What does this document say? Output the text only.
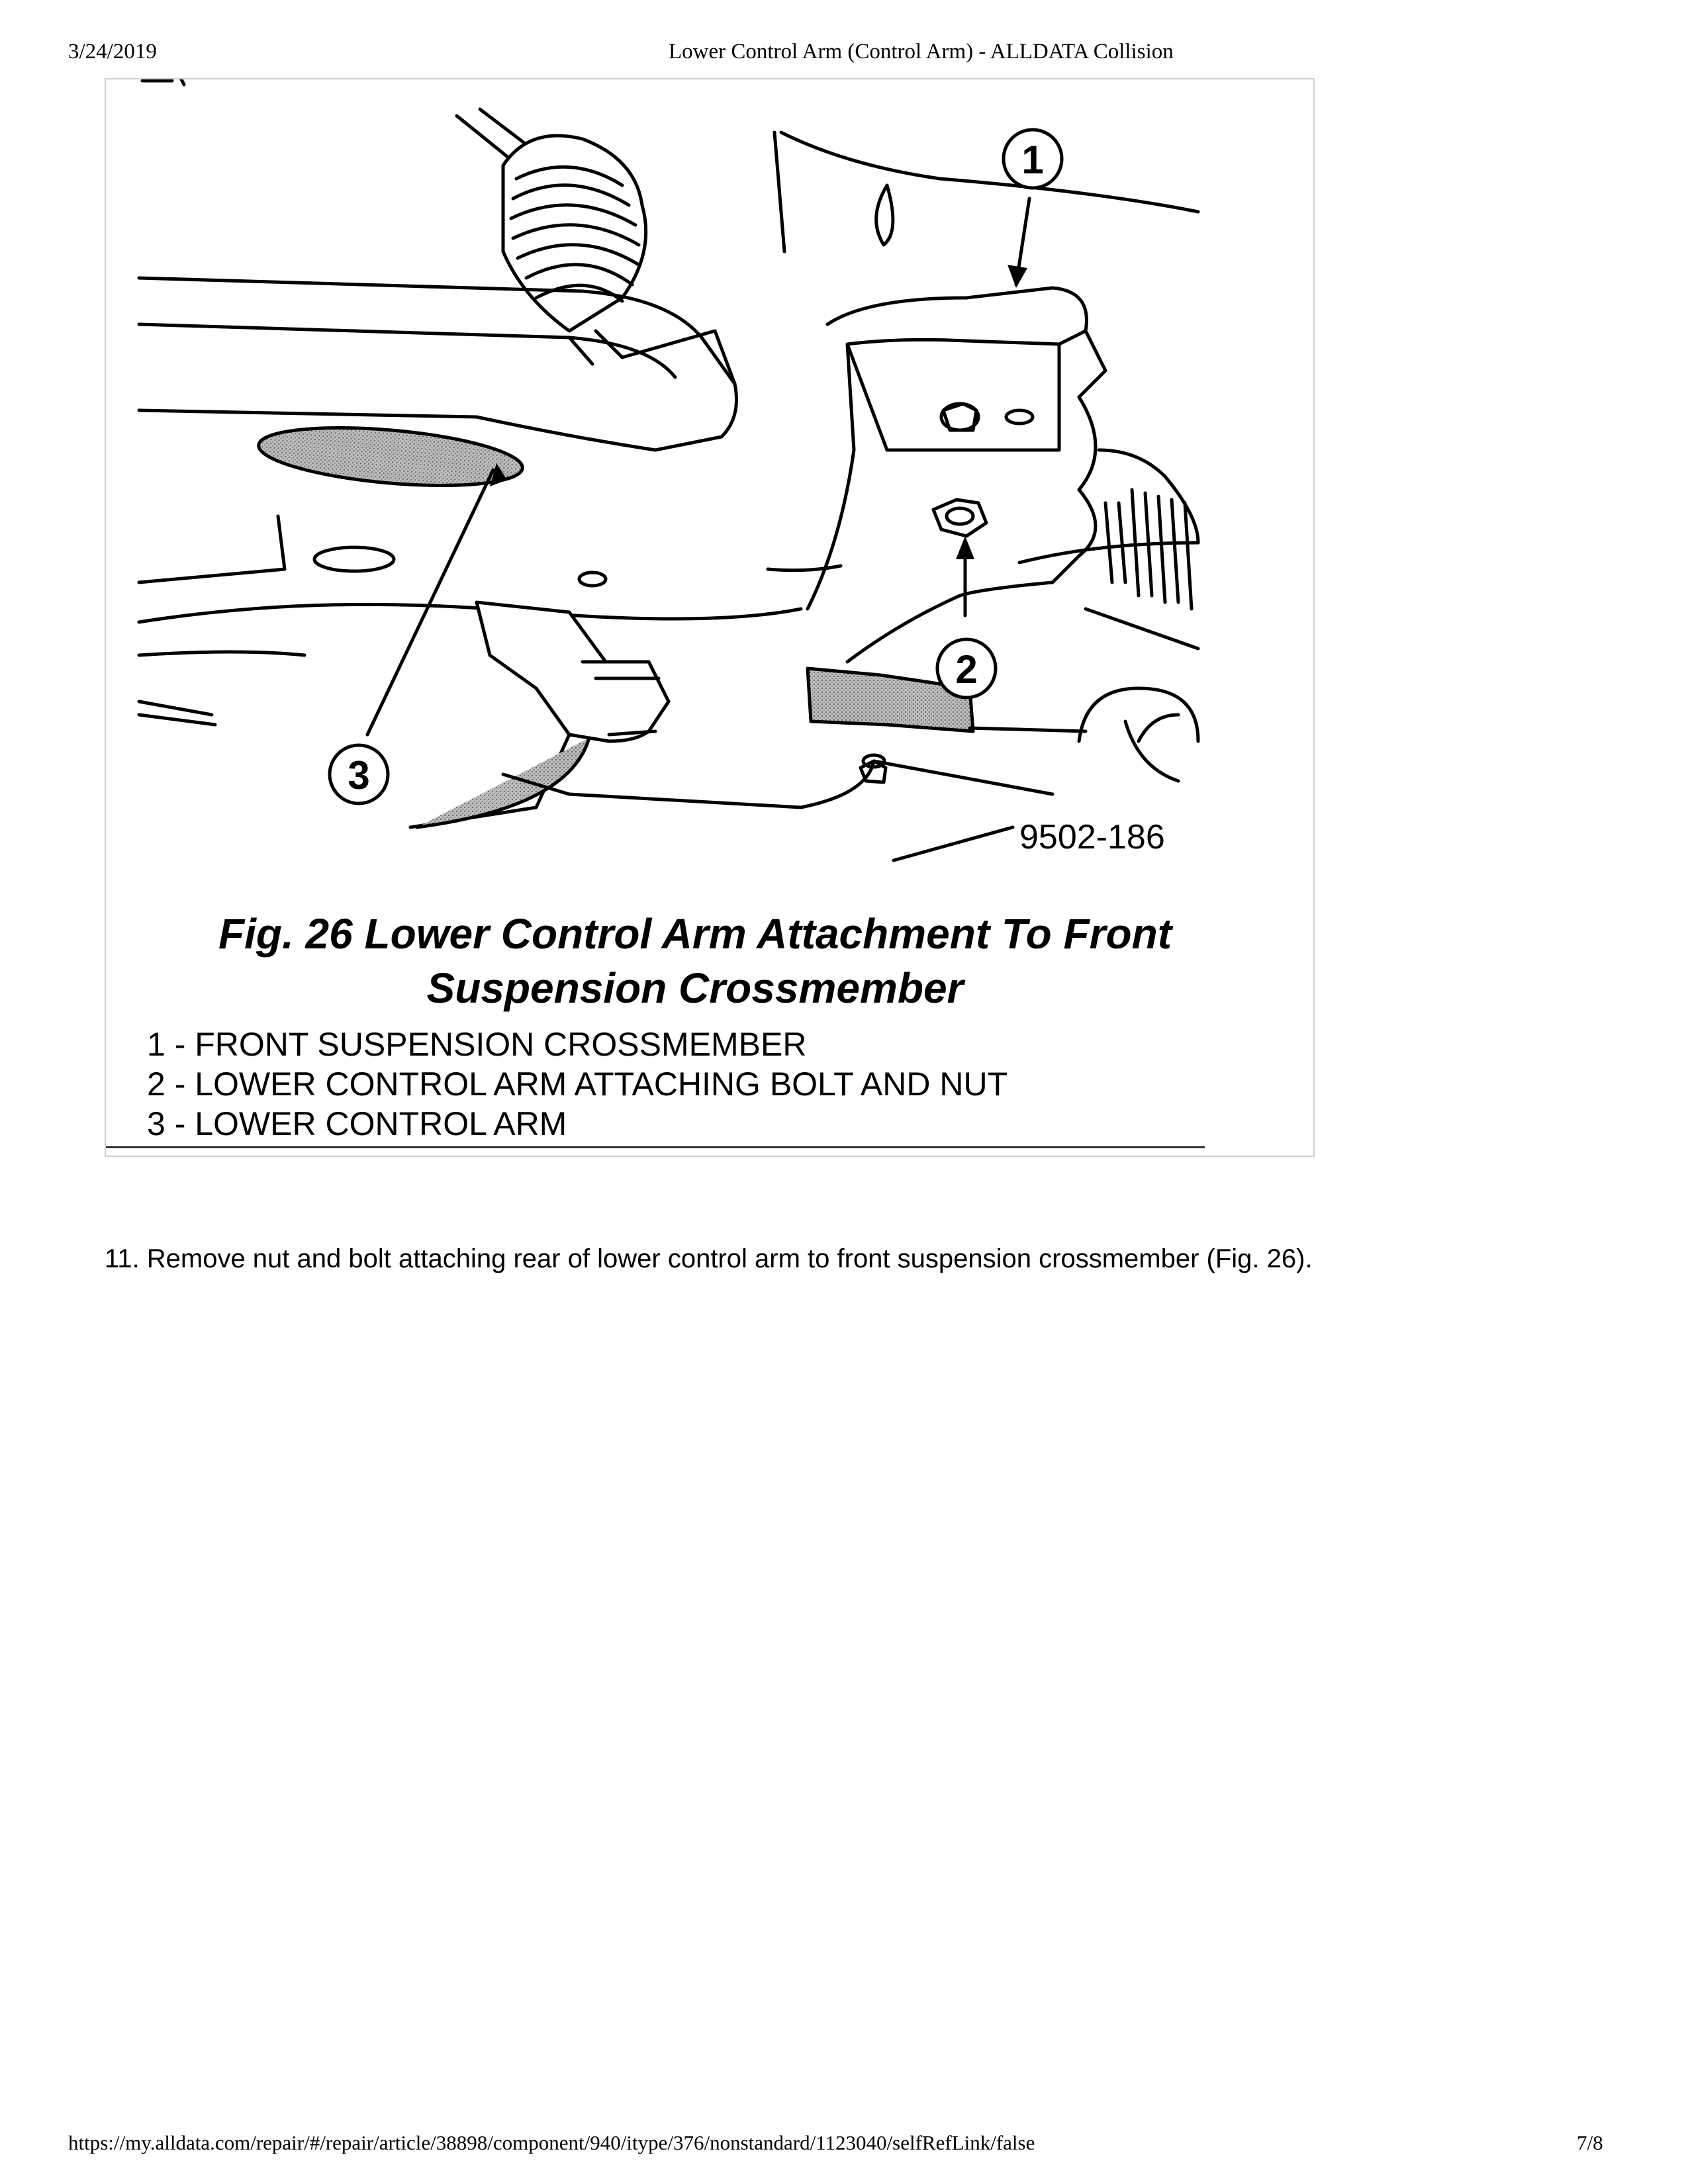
3/24/2019	Lower Control Arm (Control Arm) - ALLDATA Collision
1
2
3
9502-186
Fig. 26 Lower Control Arm Attachment To Front
Suspension Crossmember
1 - FRONT SUSPENSION CROSSMEMBER
2 - LOWER CONTROL ARM ATTACHING BOLT AND NUT
3 - LOWER CONTROL ARM
11. Remove nut and bolt attaching rear of lower control arm to front suspension crossmember (Fig. 26).
https://my.alldata.com/repair/#/repair/article/38898/component/940/itype/376/nonstandard/1123040/selfRefLink/false	7/8
